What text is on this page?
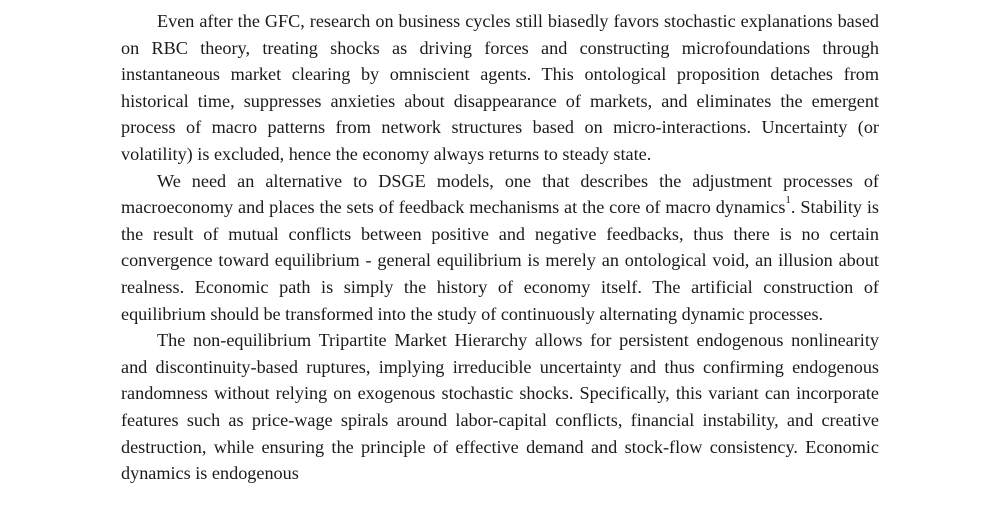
Even after the GFC, research on business cycles still biasedly favors stochastic explanations based on RBC theory, treating shocks as driving forces and constructing microfoundations through instantaneous market clearing by omniscient agents. This ontological proposition detaches from historical time, suppresses anxieties about disappearance of markets, and eliminates the emergent process of macro patterns from network structures based on micro-interactions. Uncertainty (or volatility) is excluded, hence the economy always returns to steady state.

We need an alternative to DSGE models, one that describes the adjustment processes of macroeconomy and places the sets of feedback mechanisms at the core of macro dynamics$^1$. Stability is the result of mutual conflicts between positive and negative feedbacks, thus there is no certain convergence toward equilibrium - general equilibrium is merely an ontological void, an illusion about realness. Economic path is simply the history of economy itself. The artificial construction of equilibrium should be transformed into the study of continuously alternating dynamic processes.

The non-equilibrium Tripartite Market Hierarchy allows for persistent endogenous nonlinearity and discontinuity-based ruptures, implying irreducible uncertainty and thus confirming endogenous randomness without relying on exogenous stochastic shocks. Specifically, this variant can incorporate features such as price-wage spirals around labor-capital conflicts, financial instability, and creative destruction, while ensuring the principle of effective demand and stock-flow consistency. Economic dynamics is endogenous
